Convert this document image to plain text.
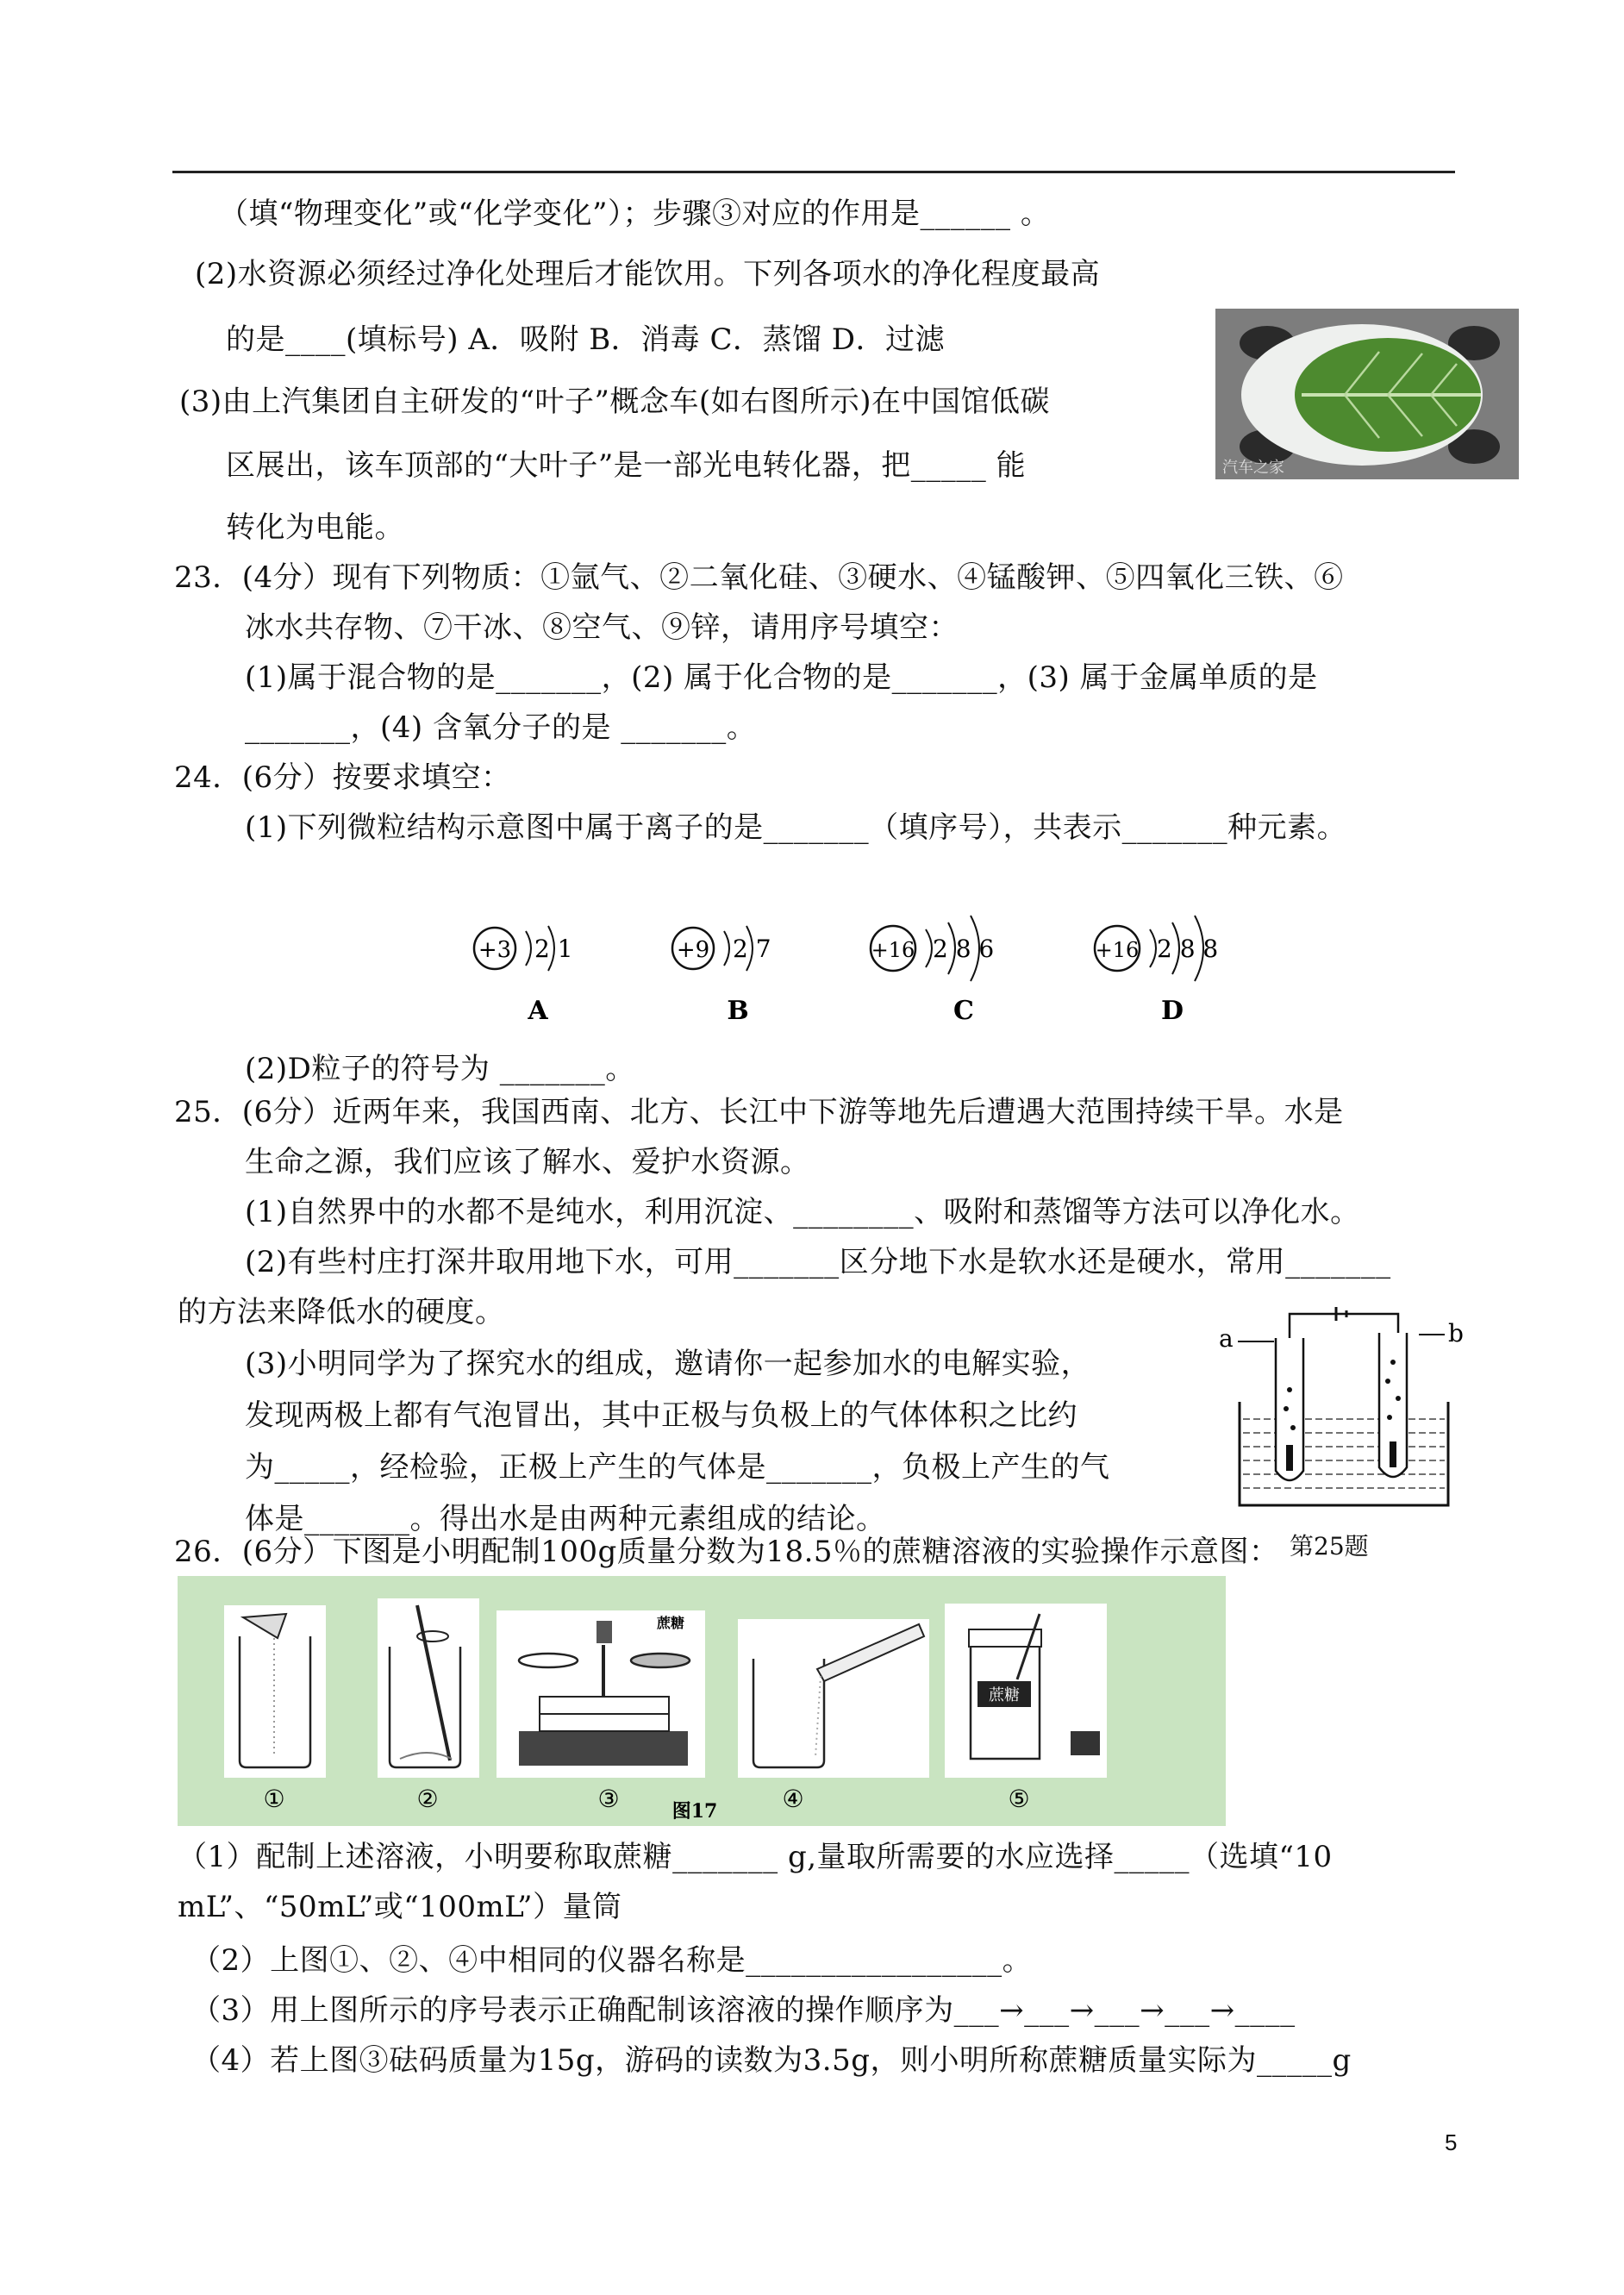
（填“物理变化”或“化学变化”）；步骤③对应的作用是______ 。
(2)水资源必须经过净化处理后才能饮用。下列各项水的净化程度最高
的是____(填标号) A．吸附 B．消毒 C．蒸馏 D．过滤
(3)由上汽集团自主研发的“叶子”概念车(如右图所示)在中国馆低碳
区展出，该车顶部的“大叶子”是一部光电转化器，把_____ 能
转化为电能。
23．(4分）现有下列物质：①氩气、②二氧化硅、③硬水、④锰酸钾、⑤四氧化三铁、⑥
冰水共存物、⑦干冰、⑧空气、⑨锌，请用序号填空：
(1)属于混合物的是_______，(2) 属于化合物的是_______，(3) 属于金属单质的是
_______，(4) 含氧分子的是 _______。
24．(6分）按要求填空：
(1)下列微粒结构示意图中属于离子的是_______（填序号），共表示_______种元素。
+3 2 1
A
+9 2 7
B
+16 2 8 6
C
+16 2 8 8
D
(2)D粒子的符号为 _______。
25．(6分）近两年来，我国西南、北方、长江中下游等地先后遭遇大范围持续干旱。水是
生命之源，我们应该了解水、爱护水资源。
(1)自然界中的水都不是纯水，利用沉淀、________、吸附和蒸馏等方法可以净化水。
(2)有些村庄打深井取用地下水，可用_______区分地下水是软水还是硬水，常用_______
的方法来降低水的硬度。
(3)小明同学为了探究水的组成，邀请你一起参加水的电解实验，
发现两极上都有气泡冒出，其中正极与负极上的气体体积之比约
为_____，经检验，正极上产生的气体是_______，负极上产生的气
体是_______。得出水是由两种元素组成的结论。
26．(6分）下图是小明配制100g质量分数为18.5％的蔗糖溶液的实验操作示意图：
汽车之家
a	b
第25题
①	②
蔗糖
③	④
蔗糖
⑤
图17
（1）配制上述溶液，小明要称取蔗糖_______ g,量取所需要的水应选择_____（选填“10
mL”、“50mL”或“100mL”）量筒
（2）上图①、②、④中相同的仪器名称是_________________。
（3）用上图所示的序号表示正确配制该溶液的操作顺序为___→___→___→___→____
（4）若上图③砝码质量为15g，游码的读数为3.5g，则小明所称蔗糖质量实际为_____g
5
